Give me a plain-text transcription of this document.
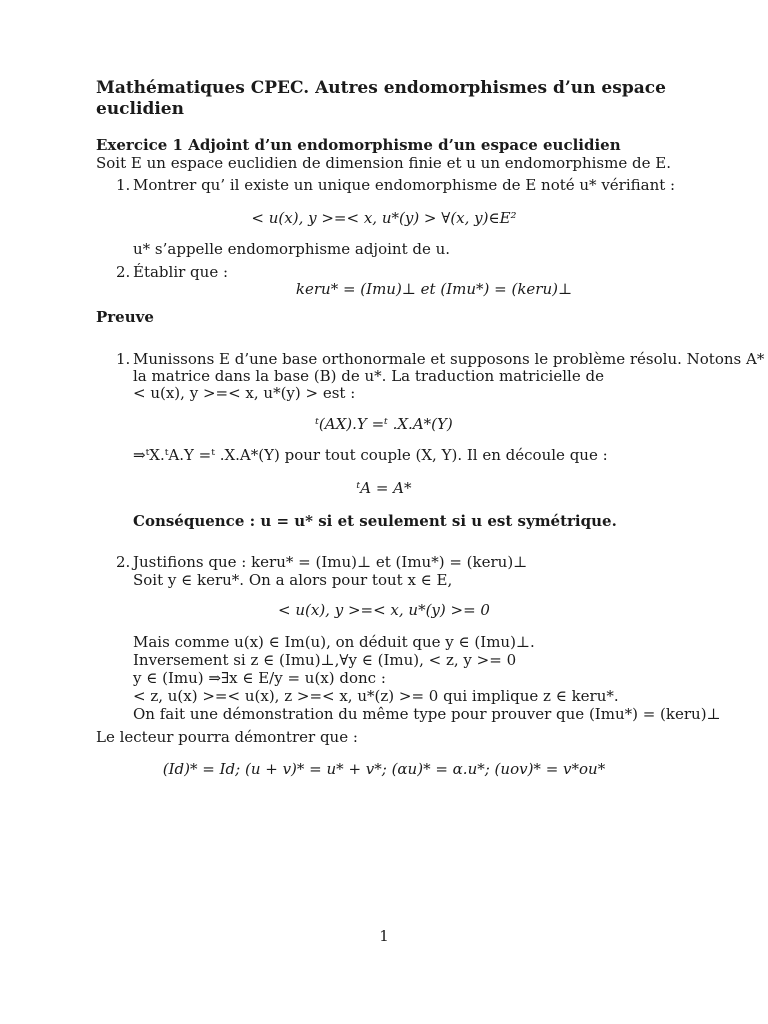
Mathématiques CPEC. Autres endomorphismes d’un espace euclidien
Exercice 1 Adjoint d’un endomorphisme d’un espace euclidien
Soit E un espace euclidien de dimension finie et u un endomorphisme de E.
1. Montrer qu’ il existe un unique endomorphisme de E noté u* vérifiant :
< u(x), y >=< x, u*(y) > ∀(x, y)∈E²
u* s’appelle endomorphisme adjoint de u.
2. Établir que :
keru* = (Imu)⊥ et (Imu*) = (keru)⊥
Preuve
1. Munissons E d’une base orthonormale et supposons le problème résolu. Notons A*
la matrice dans la base (B) de u*. La traduction matricielle de
< u(x), y >=< x, u*(y) > est :
ᵗ(AX).Y =ᵗ .X.A*(Y)
⇒ᵗX.ᵗA.Y =ᵗ .X.A*(Y) pour tout couple (X, Y). Il en découle que :
ᵗA = A*
Conséquence : u = u* si et seulement si u est symétrique.
2. Justifions que : keru* = (Imu)⊥ et (Imu*) = (keru)⊥
Soit y ∈ keru*. On a alors pour tout x ∈ E,
< u(x), y >=< x, u*(y) >= 0
Mais comme u(x) ∈ Im(u), on déduit que y ∈ (Imu)⊥.
Inversement si z ∈ (Imu)⊥,∀y ∈ (Imu), < z, y >= 0
y ∈ (Imu) ⇒∃x ∈ E/y = u(x) donc :
< z, u(x) >=< u(x), z >=< x, u*(z) >= 0 qui implique z ∈ keru*.
On fait une démonstration du même type pour prouver que (Imu*) = (keru)⊥
Le lecteur pourra démontrer que :
(Id)* = Id; (u + v)* = u* + v*; (αu)* = α.u*; (uov)* = v*ou*
1
